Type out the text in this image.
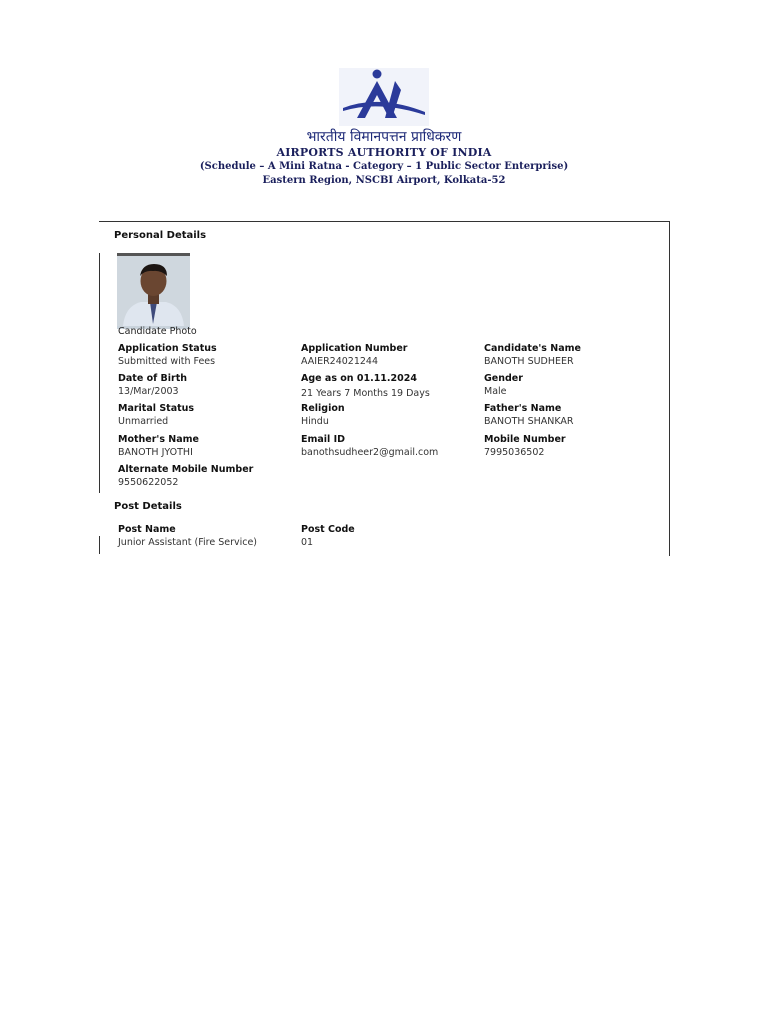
भारतीय विमानपत्तन प्राधिकरण
AIRPORTS AUTHORITY OF INDIA
(Schedule – A Mini Ratna - Category – 1 Public Sector Enterprise)
Eastern Region, NSCBI Airport, Kolkata-52
Personal Details
Candidate Photo
Application Status
Submitted with Fees
Application Number
AAIER24021244
Candidate's Name
BANOTH SUDHEER
Date of Birth
13/Mar/2003
Age as on 01.11.2024
21 Years 7 Months 19 Days
Gender
Male
Marital Status
Unmarried
Religion
Hindu
Father's Name
BANOTH SHANKAR
Mother's Name
BANOTH JYOTHI
Email ID
banothsudheer2@gmail.com
Mobile Number
7995036502
Alternate Mobile Number
9550622052
Post Details
Post Name
Junior Assistant (Fire Service)
Post Code
01
